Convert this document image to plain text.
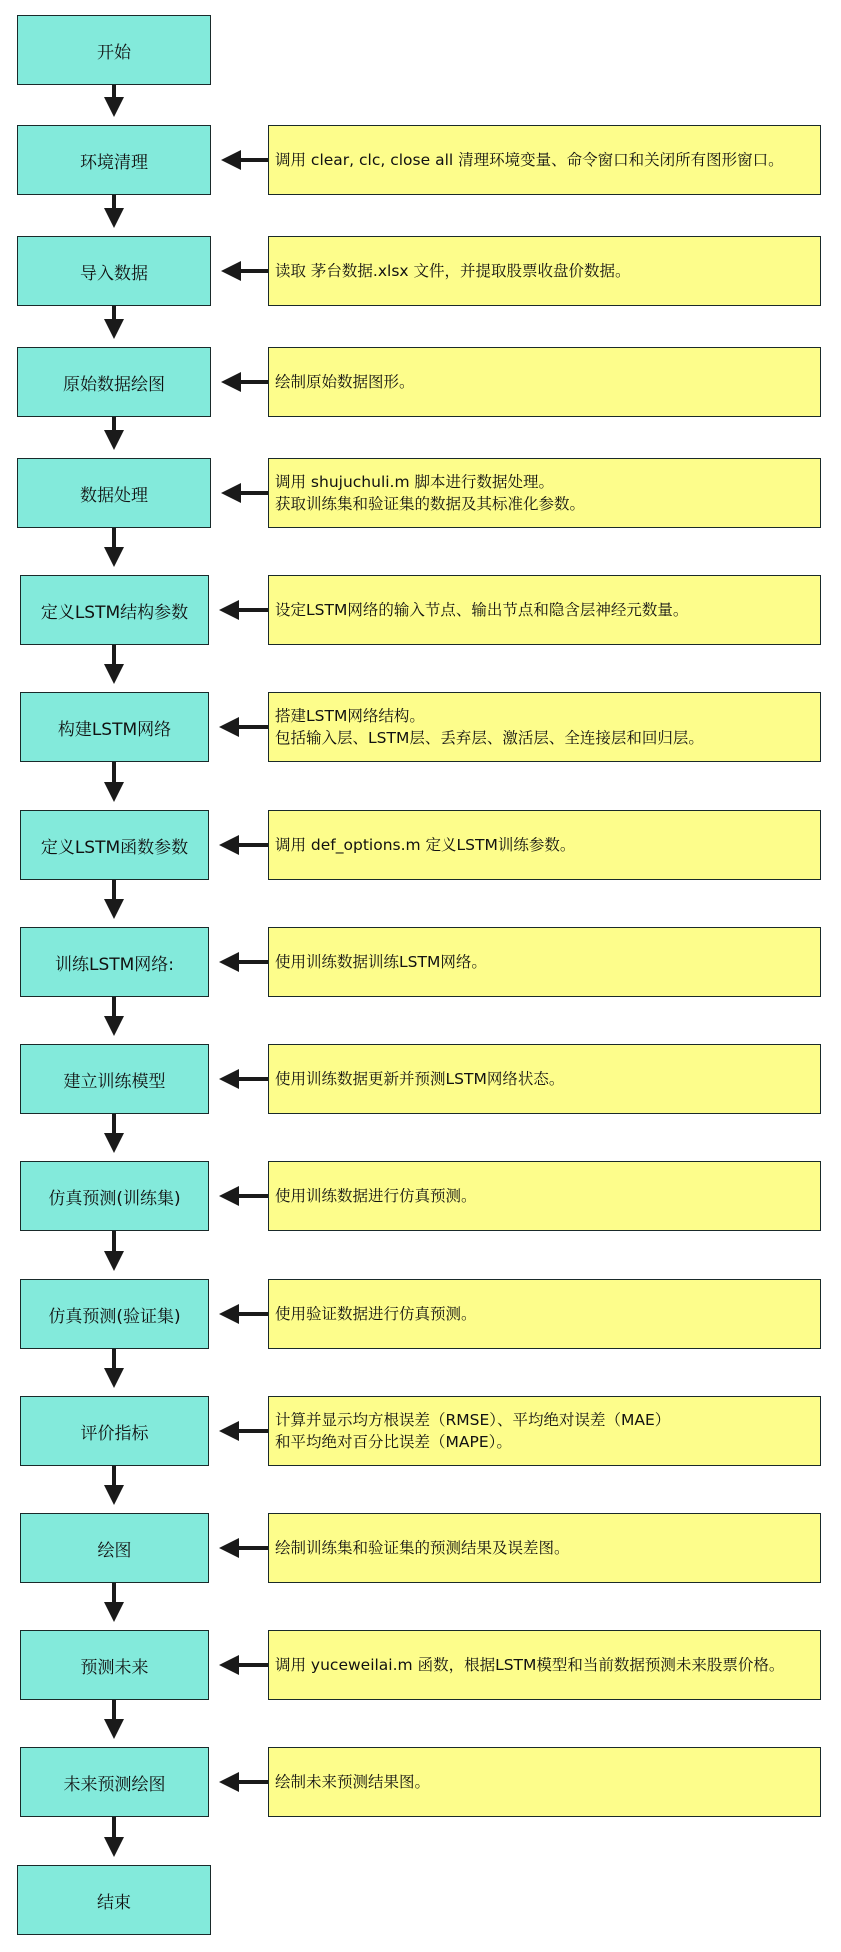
开始
环境清理	调用 clear, clc, close all 清理环境变量、命令窗口和关闭所有图形窗口。
导入数据	读取 茅台数据.xlsx 文件，并提取股票收盘价数据。
原始数据绘图	绘制原始数据图形。
数据处理
调用 shujuchuli.m 脚本进行数据处理。
获取训练集和验证集的数据及其标准化参数。
定义LSTM结构参数	设定LSTM网络的输入节点、输出节点和隐含层神经元数量。
构建LSTM网络
搭建LSTM网络结构。
包括输入层、LSTM层、丢弃层、激活层、全连接层和回归层。
定义LSTM函数参数	调用 def_options.m 定义LSTM训练参数。
训练LSTM网络:	使用训练数据训练LSTM网络。
建立训练模型	使用训练数据更新并预测LSTM网络状态。
仿真预测(训练集)	使用训练数据进行仿真预测。
仿真预测(验证集)	使用验证数据进行仿真预测。
评价指标
计算并显示均方根误差（RMSE）、平均绝对误差（MAE）
和平均绝对百分比误差（MAPE）。
绘图	绘制训练集和验证集的预测结果及误差图。
预测未来	调用 yuceweilai.m 函数，根据LSTM模型和当前数据预测未来股票价格。
未来预测绘图	绘制未来预测结果图。
结束
